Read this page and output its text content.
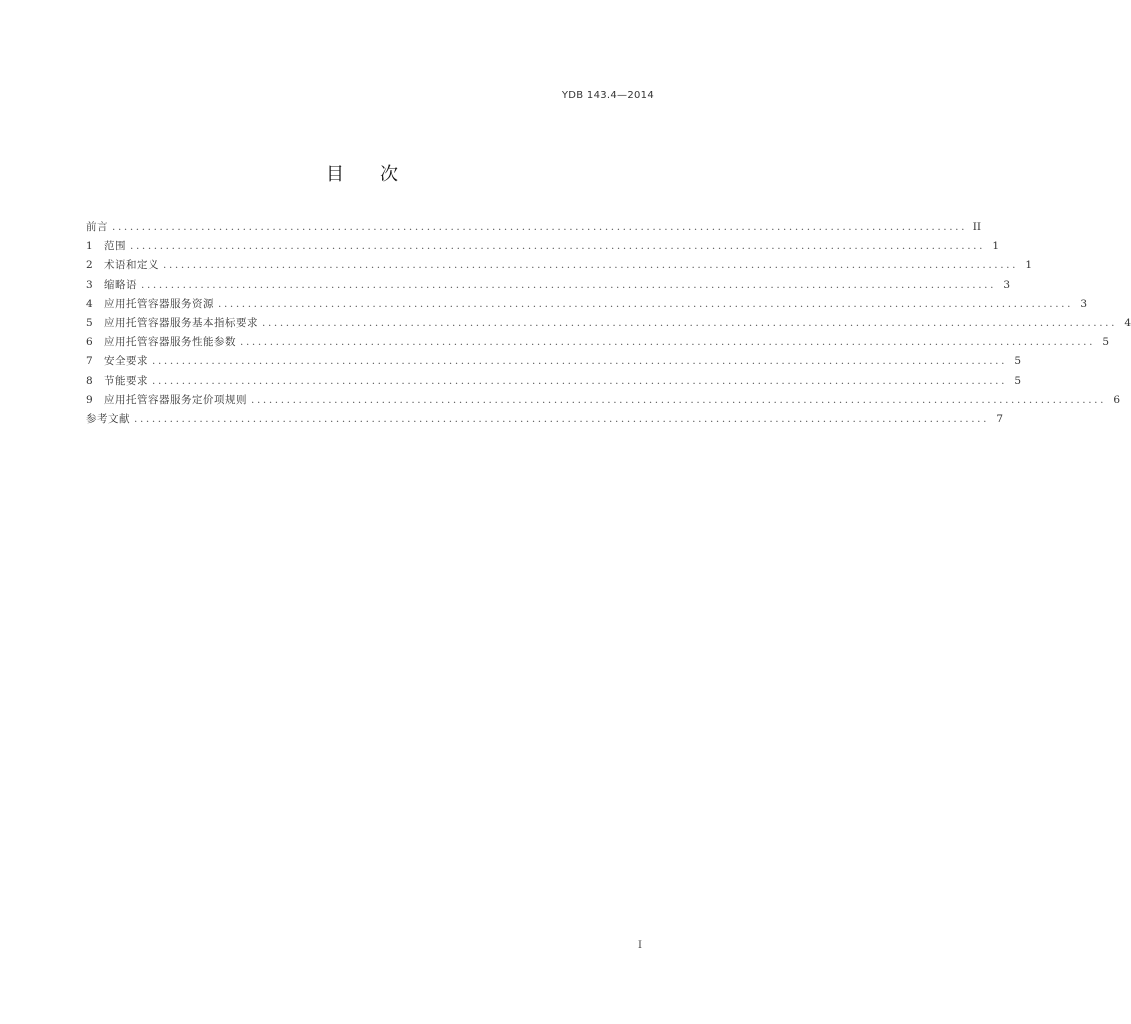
YDB 143.4—2014
目 次
前言 ................................................................................................................................................ II
1	范围 ................................................................................................................................................ 1
2	术语和定义 ................................................................................................................................................ 1
3	缩略语 ................................................................................................................................................ 3
4	应用托管容器服务资源 ................................................................................................................................................ 3
5	应用托管容器服务基本指标要求 ................................................................................................................................................ 4
6	应用托管容器服务性能参数 ................................................................................................................................................ 5
7	安全要求 ................................................................................................................................................ 5
8	节能要求 ................................................................................................................................................ 5
9	应用托管容器服务定价项规则 ................................................................................................................................................ 6
参考文献 ................................................................................................................................................ 7
I
